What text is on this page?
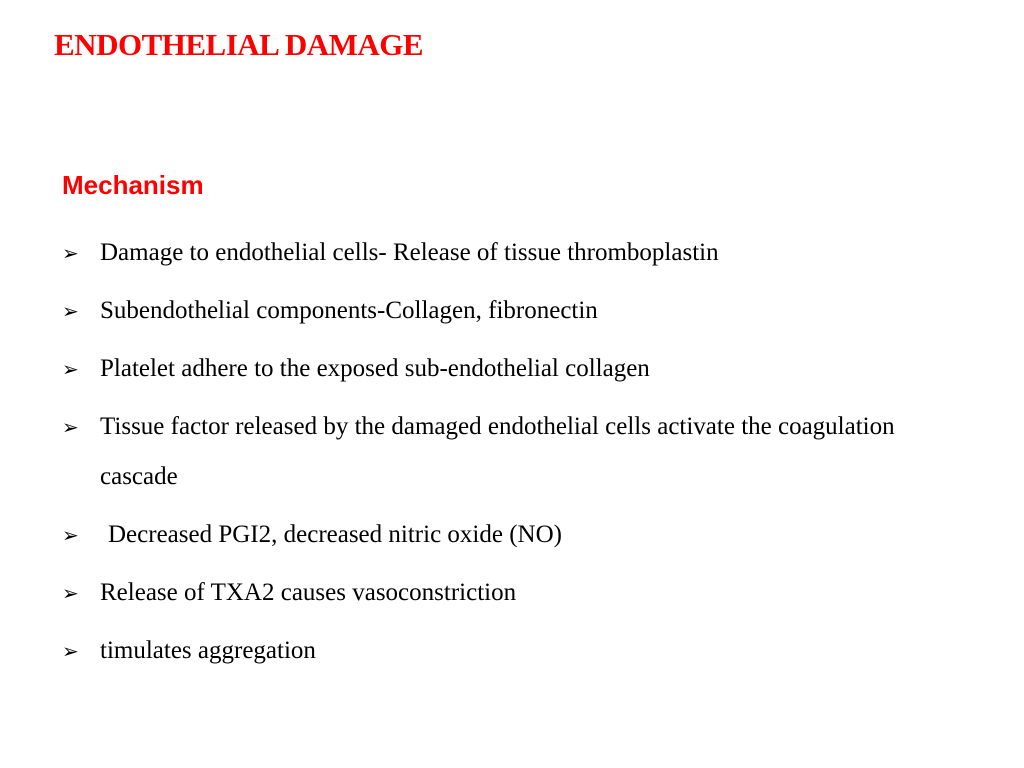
ENDOTHELIAL DAMAGE
Mechanism
➢ Damage to endothelial cells- Release of tissue thromboplastin
➢ Subendothelial components-Collagen, fibronectin
➢ Platelet adhere to the exposed sub-endothelial collagen
➢ Tissue factor released by the damaged endothelial cells activate the coagulation cascade
➢ Decreased PGI2, decreased nitric oxide (NO)
➢ Release of TXA2 causes vasoconstriction
➢ timulates aggregation
